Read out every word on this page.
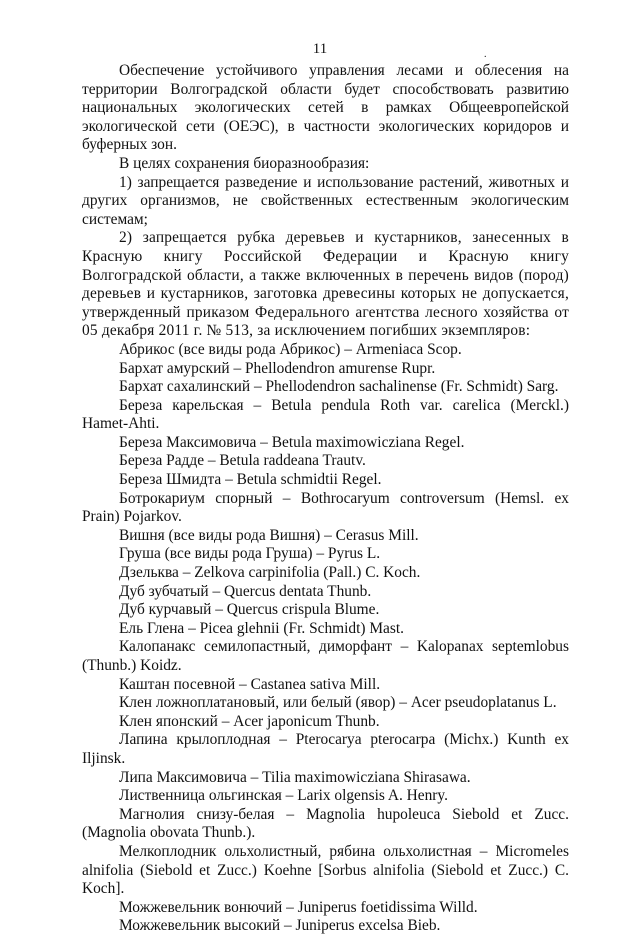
11	.

Обеспечение устойчивого управления лесами и облесения на территории Волгоградской области будет способствовать развитию национальных экологических сетей в рамках Общеевропейской экологической сети (ОЕЭС), в частности экологических коридоров и буферных зон.

В целях сохранения биоразнообразия:

1) запрещается разведение и использование растений, животных и других организмов, не свойственных естественным экологическим системам;

2) запрещается рубка деревьев и кустарников, занесенных в Красную книгу Российской Федерации и Красную книгу Волгоградской области, а также включенных в перечень видов (пород) деревьев и кустарников, заготовка древесины которых не допускается, утвержденный приказом Федерального агентства лесного хозяйства от 05 декабря 2011 г. № 513, за исключением погибших экземпляров:

Абрикос (все виды рода Абрикос) – Armeniaca Scop.

Бархат амурский – Phellodendron amurense Rupr.

Бархат сахалинский – Phellodendron sachalinense (Fr. Schmidt) Sarg.

Береза карельская – Betula pendula Roth var. carelica (Merckl.) Hamet-Ahti.

Береза Максимовича – Betula maximowicziana Regel.

Береза Радде – Betula raddeana Trautv.

Береза Шмидта – Betula schmidtii Regel.

Ботрокариум спорный – Bothrocaryum controversum (Hemsl. ex Prain) Pojarkov.

Вишня (все виды рода Вишня) – Cerasus Mill.

Груша (все виды рода Груша) – Pyrus L.

Дзельква – Zelkova carpinifolia (Pall.) C. Koch.

Дуб зубчатый – Quercus dentata Thunb.

Дуб курчавый – Quercus crispula Blume.

Ель Глена – Picea glehnii (Fr. Schmidt) Mast.

Калопанакс семилопастный, диморфант – Kalopanax septemlobus (Thunb.) Koidz.

Каштан посевной – Castanea sativa Mill.

Клен ложноплатановый, или белый (явор) – Acer pseudoplatanus L.

Клен японский – Acer japonicum Thunb.

Лапина крылоплодная – Pterocarya pterocarpa (Michx.) Kunth ex Iljinsk.

Липа Максимовича – Tilia maximowicziana Shirasawa.

Лиственница ольгинская – Larix olgensis A. Henry.

Магнолия снизу-белая – Magnolia hupoleuca Siebold et Zucc. (Magnolia obovata Thunb.).

Мелкоплодник ольхолистный, рябина ольхолистная – Micromeles alnifolia (Siebold et Zucc.) Koehne [Sorbus alnifolia (Siebold et Zucc.) C. Koch].

Можжевельник вонючий – Juniperus foetidissima Willd.

Можжевельник высокий – Juniperus excelsa Bieb.
